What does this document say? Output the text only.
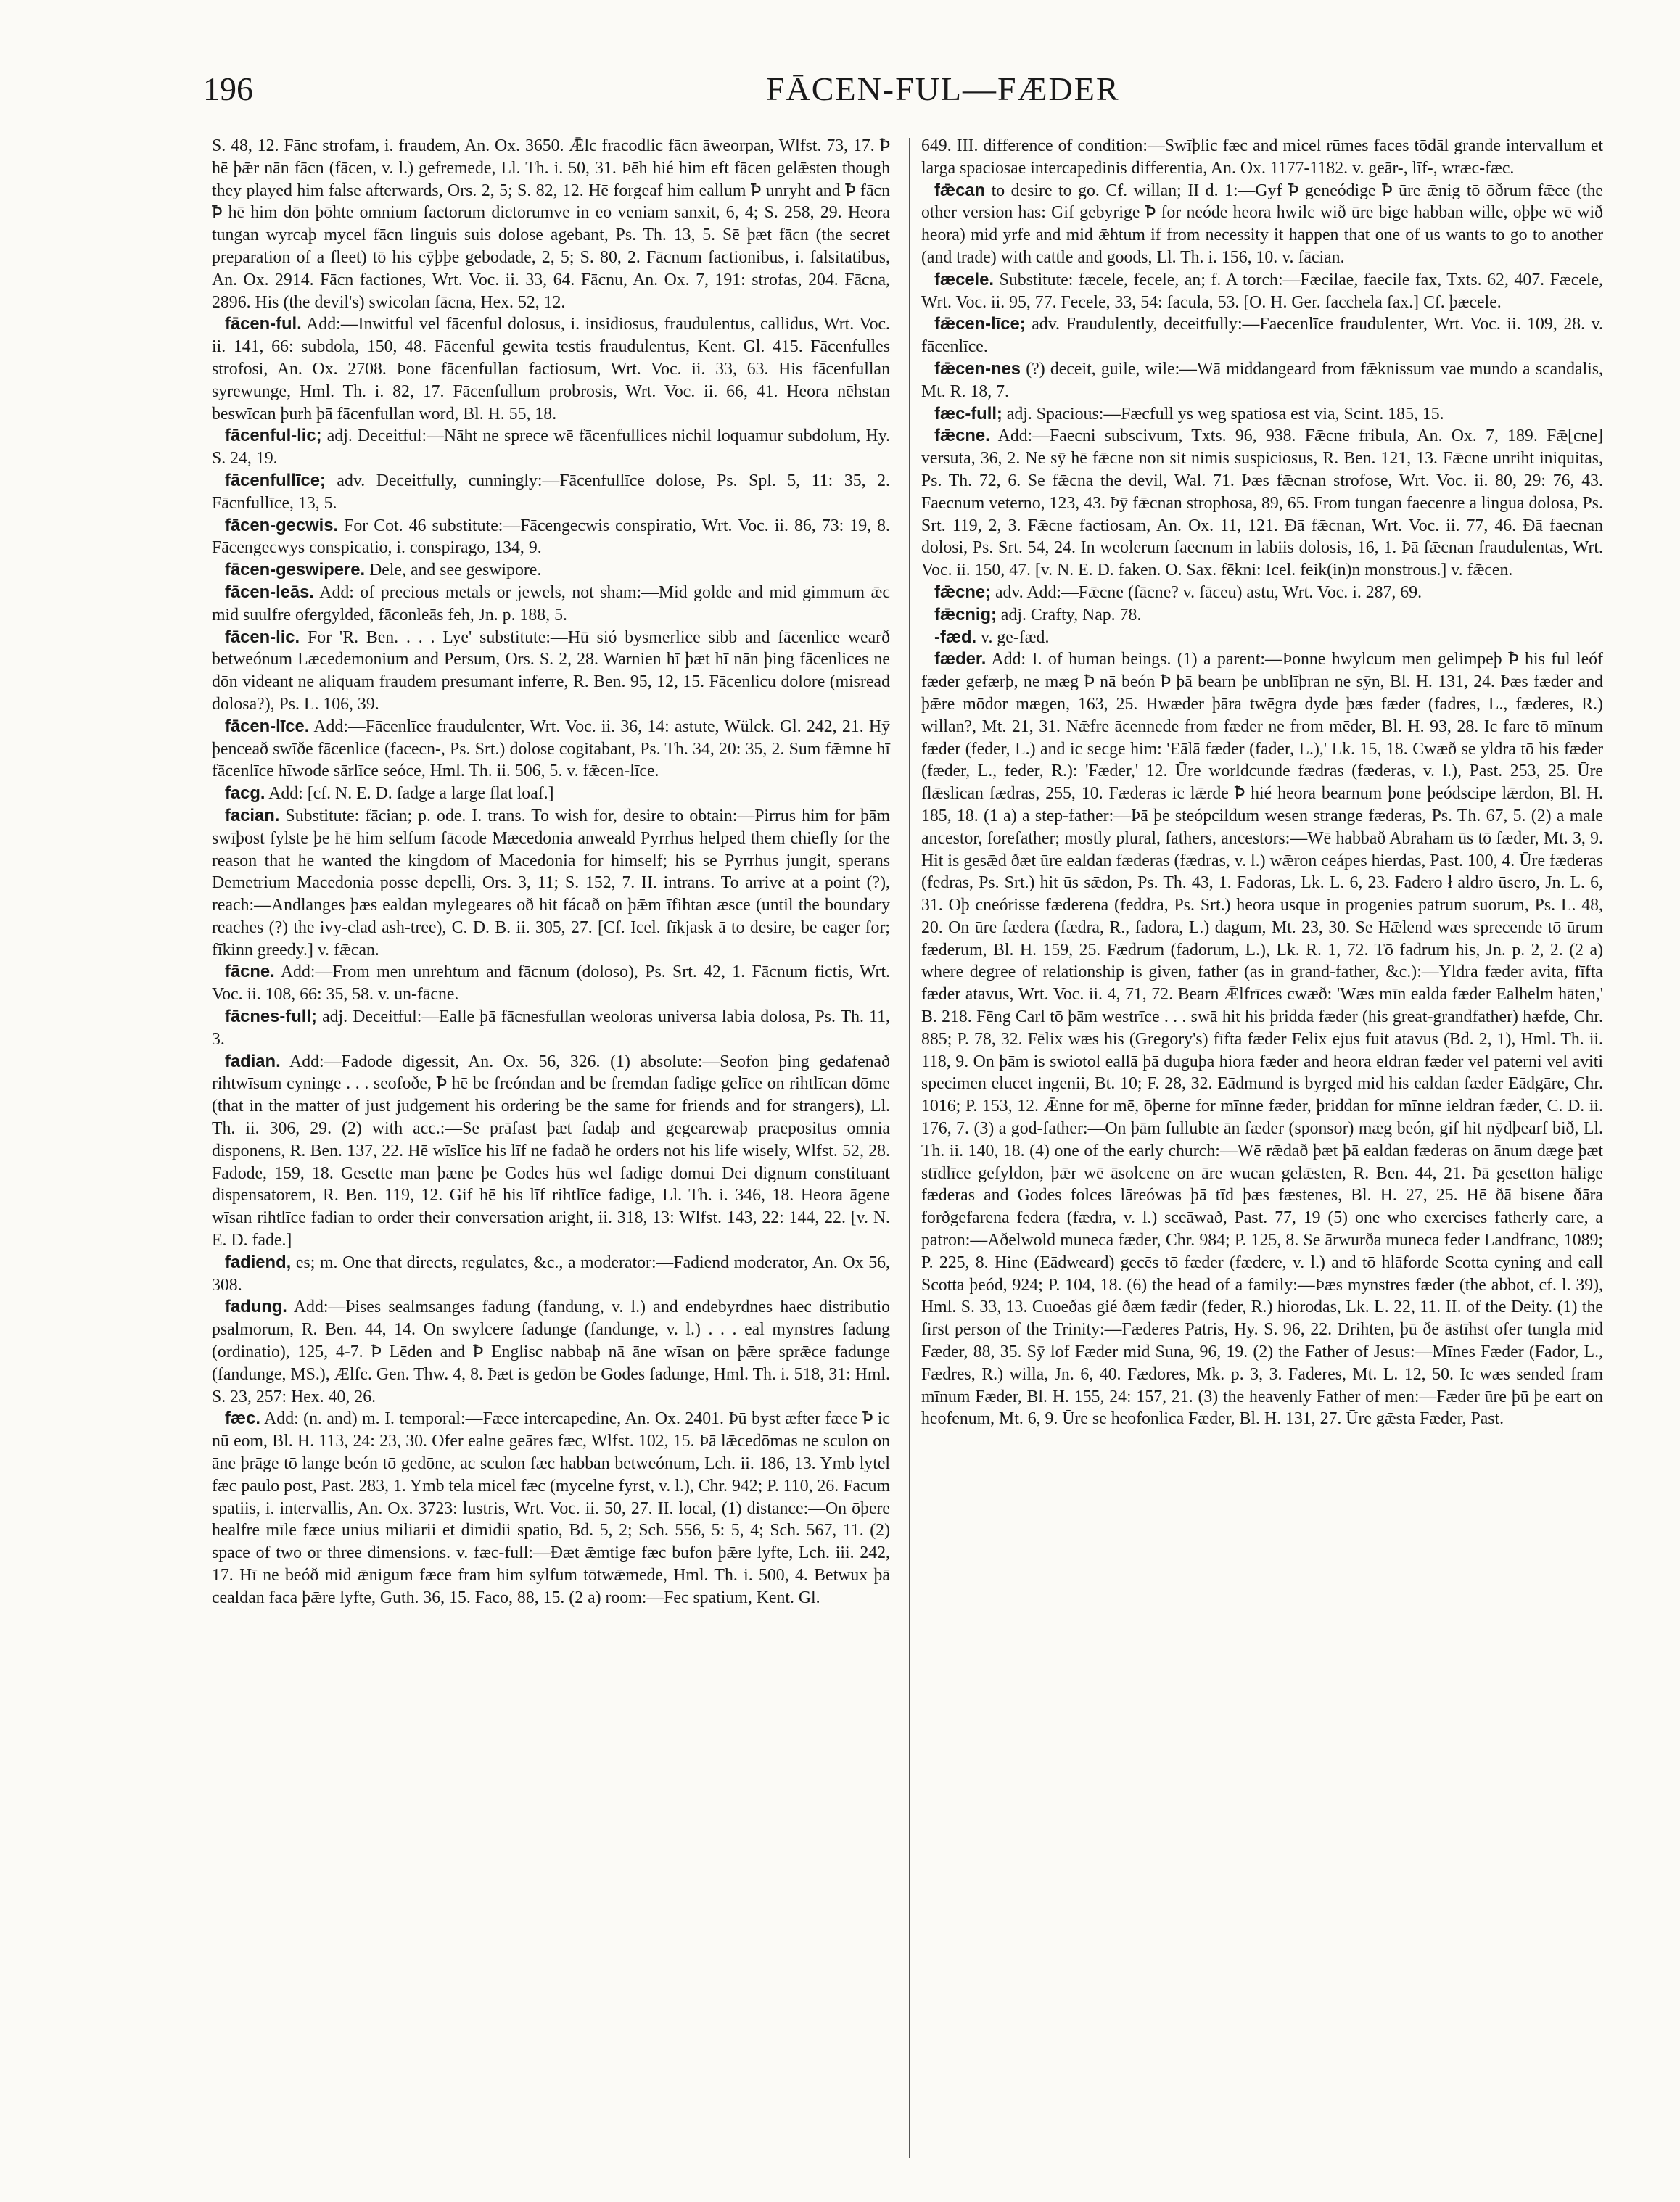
196	FĀCEN-FUL—FÆDER

S. 48, 12. Fānc strofam, i. fraudem, An. Ox. 3650. Ǣlc fracodlic fācn āweorpan, Wlfst. 73, 17. Ꝥ hē þǣr nān fācn (fācen, v. l.) gefremede, Ll. Th. i. 50, 31. Þēh hié him eft fācen gelǣsten though they played him false afterwards, Ors. 2, 5; S. 82, 12. Hē forgeaf him eallum Ꝥ unryht and Ꝥ fācn Ꝥ hē him dōn þōhte omnium factorum dictorumve in eo veniam sanxit, 6, 4; S. 258, 29. Heora tungan wyrcaþ mycel fācn linguis suis dolose agebant, Ps. Th. 13, 5. Sē þæt fācn (the secret preparation of a fleet) tō his cȳþþe gebodade, 2, 5; S. 80, 2. Fācnum factionibus, i. falsitatibus, An. Ox. 2914. Fācn factiones, Wrt. Voc. ii. 33, 64. Fācnu, An. Ox. 7, 191: strofas, 204. Fācna, 2896. His (the devil's) swicolan fācna, Hex. 52, 12.

fācen-ful. Add:—Inwitful vel fācenful dolosus, i. insidiosus, fraudulentus, callidus, Wrt. Voc. ii. 141, 66: subdola, 150, 48. Fācenful gewita testis fraudulentus, Kent. Gl. 415. Fācenfulles strofosi, An. Ox. 2708. Þone fācenfullan factiosum, Wrt. Voc. ii. 33, 63. His fācenfullan syrewunge, Hml. Th. i. 82, 17. Fācenfullum probrosis, Wrt. Voc. ii. 66, 41. Heora nēhstan beswīcan þurh þā fācenfullan word, Bl. H. 55, 18.

fācenful-lic; adj. Deceitful:—Nāht ne sprece wē fācenfullices nichil loquamur subdolum, Hy. S. 24, 19.

fācenfullīce; adv. Deceitfully, cunningly:—Fācenfullīce dolose, Ps. Spl. 5, 11: 35, 2. Fācnfullīce, 13, 5.

fācen-gecwis. For Cot. 46 substitute:—Fācengecwis conspiratio, Wrt. Voc. ii. 86, 73: 19, 8. Fācengecwys conspicatio, i. conspirago, 134, 9.

fācen-geswipere. Dele, and see geswipore.

fācen-leās. Add: of precious metals or jewels, not sham:—Mid golde and mid gimmum ǣc mid suulfre ofergylded, fāconleās feh, Jn. p. 188, 5.

fācen-lic. For 'R. Ben. . . . Lye' substitute:—Hū sió bysmerlice sibb and fācenlice wearð betweónum Læcedemonium and Persum, Ors. S. 2, 28. Warnien hī þæt hī nān þing fācenlices ne dōn videant ne aliquam fraudem presumant inferre, R. Ben. 95, 12, 15. Fācenlicu dolore (misread dolosa?), Ps. L. 106, 39.

fācen-līce. Add:—Fācenlīce fraudulenter, Wrt. Voc. ii. 36, 14: astute, Wülck. Gl. 242, 21. Hȳ þenceað swīðe fācenlice (facecn-, Ps. Srt.) dolose cogitabant, Ps. Th. 34, 20: 35, 2. Sum fǣmne hī fācenlīce hīwode sārlīce seóce, Hml. Th. ii. 506, 5. v. fǣcen-līce.

facg. Add: [cf. N. E. D. fadge a large flat loaf.]

facian. Substitute: fācian; p. ode. I. trans. To wish for, desire to obtain:—Pirrus him for þām swīþost fylste þe hē him selfum fācode Mæcedonia anweald Pyrrhus helped them chiefly for the reason that he wanted the kingdom of Macedonia for himself; his se Pyrrhus jungit, sperans Demetrium Macedonia posse depelli, Ors. 3, 11; S. 152, 7. II. intrans. To arrive at a point (?), reach:—Andlanges þæs ealdan mylegeares oð hit fácað on þǣm īfihtan æsce (until the boundary reaches (?) the ivy-clad ash-tree), C. D. B. ii. 305, 27. [Cf. Icel. fīkjask ā to desire, be eager for; fīkinn greedy.] v. fǣcan.

fācne. Add:—From men unrehtum and fācnum (doloso), Ps. Srt. 42, 1. Fācnum fictis, Wrt. Voc. ii. 108, 66: 35, 58. v. un-fācne.

fācnes-full; adj. Deceitful:—Ealle þā fācnesfullan weoloras universa labia dolosa, Ps. Th. 11, 3.

fadian. Add:—Fadode digessit, An. Ox. 56, 326. (1) absolute:—Seofon þing gedafenað rihtwīsum cyninge . . . seofoðe, Ꝥ hē be freóndan and be fremdan fadige gelīce on rihtlīcan dōme (that in the matter of just judgement his ordering be the same for friends and for strangers), Ll. Th. ii. 306, 29. (2) with acc.:—Se prāfast þæt fadaþ and gegearewaþ praepositus omnia disponens, R. Ben. 137, 22. Hē wīslīce his līf ne fadað he orders not his life wisely, Wlfst. 52, 28. Fadode, 159, 18. Gesette man þæne þe Godes hūs wel fadige domui Dei dignum constituant dispensatorem, R. Ben. 119, 12. Gif hē his līf rihtlīce fadige, Ll. Th. i. 346, 18. Heora āgene wīsan rihtlīce fadian to order their conversation aright, ii. 318, 13: Wlfst. 143, 22: 144, 22. [v. N. E. D. fade.]

fadiend, es; m. One that directs, regulates, &c., a moderator:—Fadiend moderator, An. Ox 56, 308.

fadung. Add:—Þises sealmsanges fadung (fandung, v. l.) and endebyrdnes haec distributio psalmorum, R. Ben. 44, 14. On swylcere fadunge (fandunge, v. l.) . . . eal mynstres fadung (ordinatio), 125, 4-7. Ꝥ Lēden and Ꝥ Englisc nabbaþ nā āne wīsan on þǣre sprǣce fadunge (fandunge, MS.), Ælfc. Gen. Thw. 4, 8. Þæt is gedōn be Godes fadunge, Hml. Th. i. 518, 31: Hml. S. 23, 257: Hex. 40, 26.

fæc. Add: (n. and) m. I. temporal:—Fæce intercapedine, An. Ox. 2401. Þū byst æfter fæce Ꝥ ic nū eom, Bl. H. 113, 24: 23, 30. Ofer ealne geāres fæc, Wlfst. 102, 15. Þā lǣcedōmas ne sculon on āne þrāge tō lange beón tō gedōne, ac sculon fæc habban betweónum, Lch. ii. 186, 13. Ymb lytel fæc paulo post, Past. 283, 1. Ymb tela micel fæc (mycelne fyrst, v. l.), Chr. 942; P. 110, 26. Facum spatiis, i. intervallis, An. Ox. 3723: lustris, Wrt. Voc. ii. 50, 27. II. local, (1) distance:—On ōþere healfre mīle fæce unius miliarii et dimidii spatio, Bd. 5, 2; Sch. 556, 5: 5, 4; Sch. 567, 11. (2) space of two or three dimensions. v. fæc-full:—Ðæt ǣmtige fæc bufon þǣre lyfte, Lch. iii. 242, 17. Hī ne beóð mid ǣnigum fæce fram him sylfum tōtwǣmede, Hml. Th. i. 500, 4. Betwux þā cealdan faca þǣre lyfte, Guth. 36, 15. Faco, 88, 15. (2 a) room:—Fec spatium, Kent. Gl.

649. III. difference of condition:—Swīþlic fæc and micel rūmes faces tōdāl grande intervallum et larga spaciosae intercapedinis differentia, An. Ox. 1177-1182. v. geār-, līf-, wræc-fæc.

fǣcan to desire to go. Cf. willan; II d. 1:—Gyf Ꝥ geneódige Ꝥ ūre ǣnig tō ōðrum fǣce (the other version has: Gif gebyrige Ꝥ for neóde heora hwilc wið ūre bige habban wille, oþþe wē wið heora) mid yrfe and mid ǣhtum if from necessity it happen that one of us wants to go to another (and trade) with cattle and goods, Ll. Th. i. 156, 10. v. fācian.

fæcele. Substitute: fæcele, fecele, an; f. A torch:—Fæcilae, faecile fax, Txts. 62, 407. Fæcele, Wrt. Voc. ii. 95, 77. Fecele, 33, 54: facula, 53. [O. H. Ger. facchela fax.] Cf. þæcele.

fǣcen-līce; adv. Fraudulently, deceitfully:—Faecenlīce fraudulenter, Wrt. Voc. ii. 109, 28. v. fācenlīce.

fǣcen-nes (?) deceit, guile, wile:—Wā middangeard from fǣknissum vae mundo a scandalis, Mt. R. 18, 7.

fæc-full; adj. Spacious:—Fæcfull ys weg spatiosa est via, Scint. 185, 15.

fǣcne. Add:—Faecni subscivum, Txts. 96, 938. Fǣcne fribula, An. Ox. 7, 189. Fǣ[cne] versuta, 36, 2. Ne sȳ hē fǣcne non sit nimis suspiciosus, R. Ben. 121, 13. Fǣcne unriht iniquitas, Ps. Th. 72, 6. Se fǣcna the devil, Wal. 71. Þæs fǣcnan strofose, Wrt. Voc. ii. 80, 29: 76, 43. Faecnum veterno, 123, 43. Þȳ fǣcnan strophosa, 89, 65. From tungan faecenre a lingua dolosa, Ps. Srt. 119, 2, 3. Fǣcne factiosam, An. Ox. 11, 121. Ðā fǣcnan, Wrt. Voc. ii. 77, 46. Ðā faecnan dolosi, Ps. Srt. 54, 24. In weolerum faecnum in labiis dolosis, 16, 1. Þā fǣcnan fraudulentas, Wrt. Voc. ii. 150, 47. [v. N. E. D. faken. O. Sax. fēkni: Icel. feik(in)n monstrous.] v. fǣcen.

fǣcne; adv. Add:—Fǣcne (fācne? v. fāceu) astu, Wrt. Voc. i. 287, 69.

fǣcnig; adj. Crafty, Nap. 78.

-fæd. v. ge-fæd.

fæder. Add: I. of human beings. (1) a parent:—Þonne hwylcum men gelimpeþ Ꝥ his ful leóf fæder gefærþ, ne mæg Ꝥ nā beón Ꝥ þā bearn þe unblīþran ne sȳn, Bl. H. 131, 24. Þæs fæder and þǣre mōdor mægen, 163, 25. Hwæder þāra twēgra dyde þæs fæder (fadres, L., fæderes, R.) willan?, Mt. 21, 31. Nǣfre ācennede from fæder ne from mēder, Bl. H. 93, 28. Ic fare tō mīnum fæder (feder, L.) and ic secge him: 'Eālā fæder (fader, L.),' Lk. 15, 18. Cwæð se yldra tō his fæder (fæder, L., feder, R.): 'Fæder,' 12. Ūre worldcunde fædras (fæderas, v. l.), Past. 253, 25. Ūre flǣslican fædras, 255, 10. Fæderas ic lǣrde Ꝥ hié heora bearnum þone þeódscipe lǣrdon, Bl. H. 185, 18. (1 a) a step-father:—Þā þe steópcildum wesen strange fæderas, Ps. Th. 67, 5. (2) a male ancestor, forefather; mostly plural, fathers, ancestors:—Wē habbað Abraham ūs tō fæder, Mt. 3, 9. Hit is gesǣd ðæt ūre ealdan fæderas (fædras, v. l.) wǣron ceápes hierdas, Past. 100, 4. Ūre fæderas (fedras, Ps. Srt.) hit ūs sǣdon, Ps. Th. 43, 1. Fadoras, Lk. L. 6, 23. Fadero ł aldro ūsero, Jn. L. 6, 31. Oþ cneórisse fæderena (feddra, Ps. Srt.) heora usque in progenies patrum suorum, Ps. L. 48, 20. On ūre fædera (fædra, R., fadora, L.) dagum, Mt. 23, 30. Se Hǣlend wæs sprecende tō ūrum fæderum, Bl. H. 159, 25. Fædrum (fadorum, L.), Lk. R. 1, 72. Tō fadrum his, Jn. p. 2, 2. (2 a) where degree of relationship is given, father (as in grand-father, &c.):—Yldra fæder avita, fīfta fæder atavus, Wrt. Voc. ii. 4, 71, 72. Bearn Ǣlfrīces cwæð: 'Wæs mīn ealda fæder Ealhelm hāten,' B. 218. Fēng Carl tō þām westrīce . . . swā hit his þridda fæder (his great-grandfather) hæfde, Chr. 885; P. 78, 32. Fēlix wæs his (Gregory's) fīfta fæder Felix ejus fuit atavus (Bd. 2, 1), Hml. Th. ii. 118, 9. On þām is swiotol eallā þā duguþa hiora fæder and heora eldran fæder vel paterni vel aviti specimen elucet ingenii, Bt. 10; F. 28, 32. Eādmund is byrged mid his ealdan fæder Eādgāre, Chr. 1016; P. 153, 12. Ǣnne for mē, ōþerne for mīnne fæder, þriddan for mīnne ieldran fæder, C. D. ii. 176, 7. (3) a god-father:—On þām fullubte ān fæder (sponsor) mæg beón, gif hit nȳdþearf bið, Ll. Th. ii. 140, 18. (4) one of the early church:—Wē rǣdað þæt þā ealdan fæderas on ānum dæge þæt stīdlīce gefyldon, þǣr wē āsolcene on āre wucan gelǣsten, R. Ben. 44, 21. Þā gesetton hālige fæderas and Godes folces lāreówas þā tīd þæs fæstenes, Bl. H. 27, 25. Hē ðā bisene ðāra forðgefarena federa (fædra, v. l.) sceāwað, Past. 77, 19 (5) one who exercises fatherly care, a patron:—Aðelwold muneca fæder, Chr. 984; P. 125, 8. Se ārwurða muneca feder Landfranc, 1089; P. 225, 8. Hine (Eādweard) gecēs tō fæder (fædere, v. l.) and tō hlāforde Scotta cyning and eall Scotta þeód, 924; P. 104, 18. (6) the head of a family:—Þæs mynstres fæder (the abbot, cf. l. 39), Hml. S. 33, 13. Cuoeðas gié ðæm fædir (feder, R.) hiorodas, Lk. L. 22, 11. II. of the Deity. (1) the first person of the Trinity:—Fæderes Patris, Hy. S. 96, 22. Drihten, þū ðe āstīhst ofer tungla mid Fæder, 88, 35. Sȳ lof Fæder mid Suna, 96, 19. (2) the Father of Jesus:—Mīnes Fæder (Fador, L., Fædres, R.) willa, Jn. 6, 40. Fædores, Mk. p. 3, 3. Faderes, Mt. L. 12, 50. Ic wæs sended fram mīnum Fæder, Bl. H. 155, 24: 157, 21. (3) the heavenly Father of men:—Fæder ūre þū þe eart on heofenum, Mt. 6, 9. Ūre se heofonlica Fæder, Bl. H. 131, 27. Ūre gǣsta Fæder, Past.
